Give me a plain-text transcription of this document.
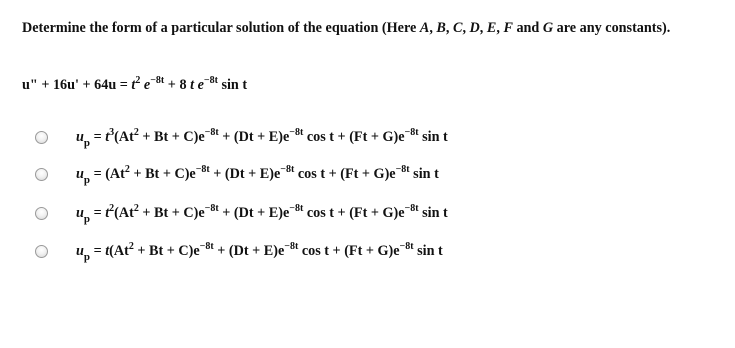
Determine the form of a particular solution of the equation (Here A, B, C, D, E, F and G are any constants).
u" + $16u' + 64u = t^2$ $e^{-8t} + 8$ t $e^{-8t}$ sin t
$u_p = t^3(At^2 + Bt + C)e^{-8t} + (Dt + E)e^{-8t}$ $\cos t + (Ft + G)e^{-8t}$ sin t
$u_p = (At^2 + Bt + C)e^{-8t} + (Dt + E)e^{-8t}$ $\cos t + (Ft + G)e^{-8t}$ sin t
$u_p = t^2(At^2 + Bt + C)e^{-8t} + (Dt + E)e^{-8t}$ $\cos t + (Ft + G)e^{-8t}$ sin t
$u_p = t(At^2 + Bt + C)e^{-8t} + (Dt + E)e^{-8t}$ $\cos t + (Ft + G)e^{-8t}$ sin t
